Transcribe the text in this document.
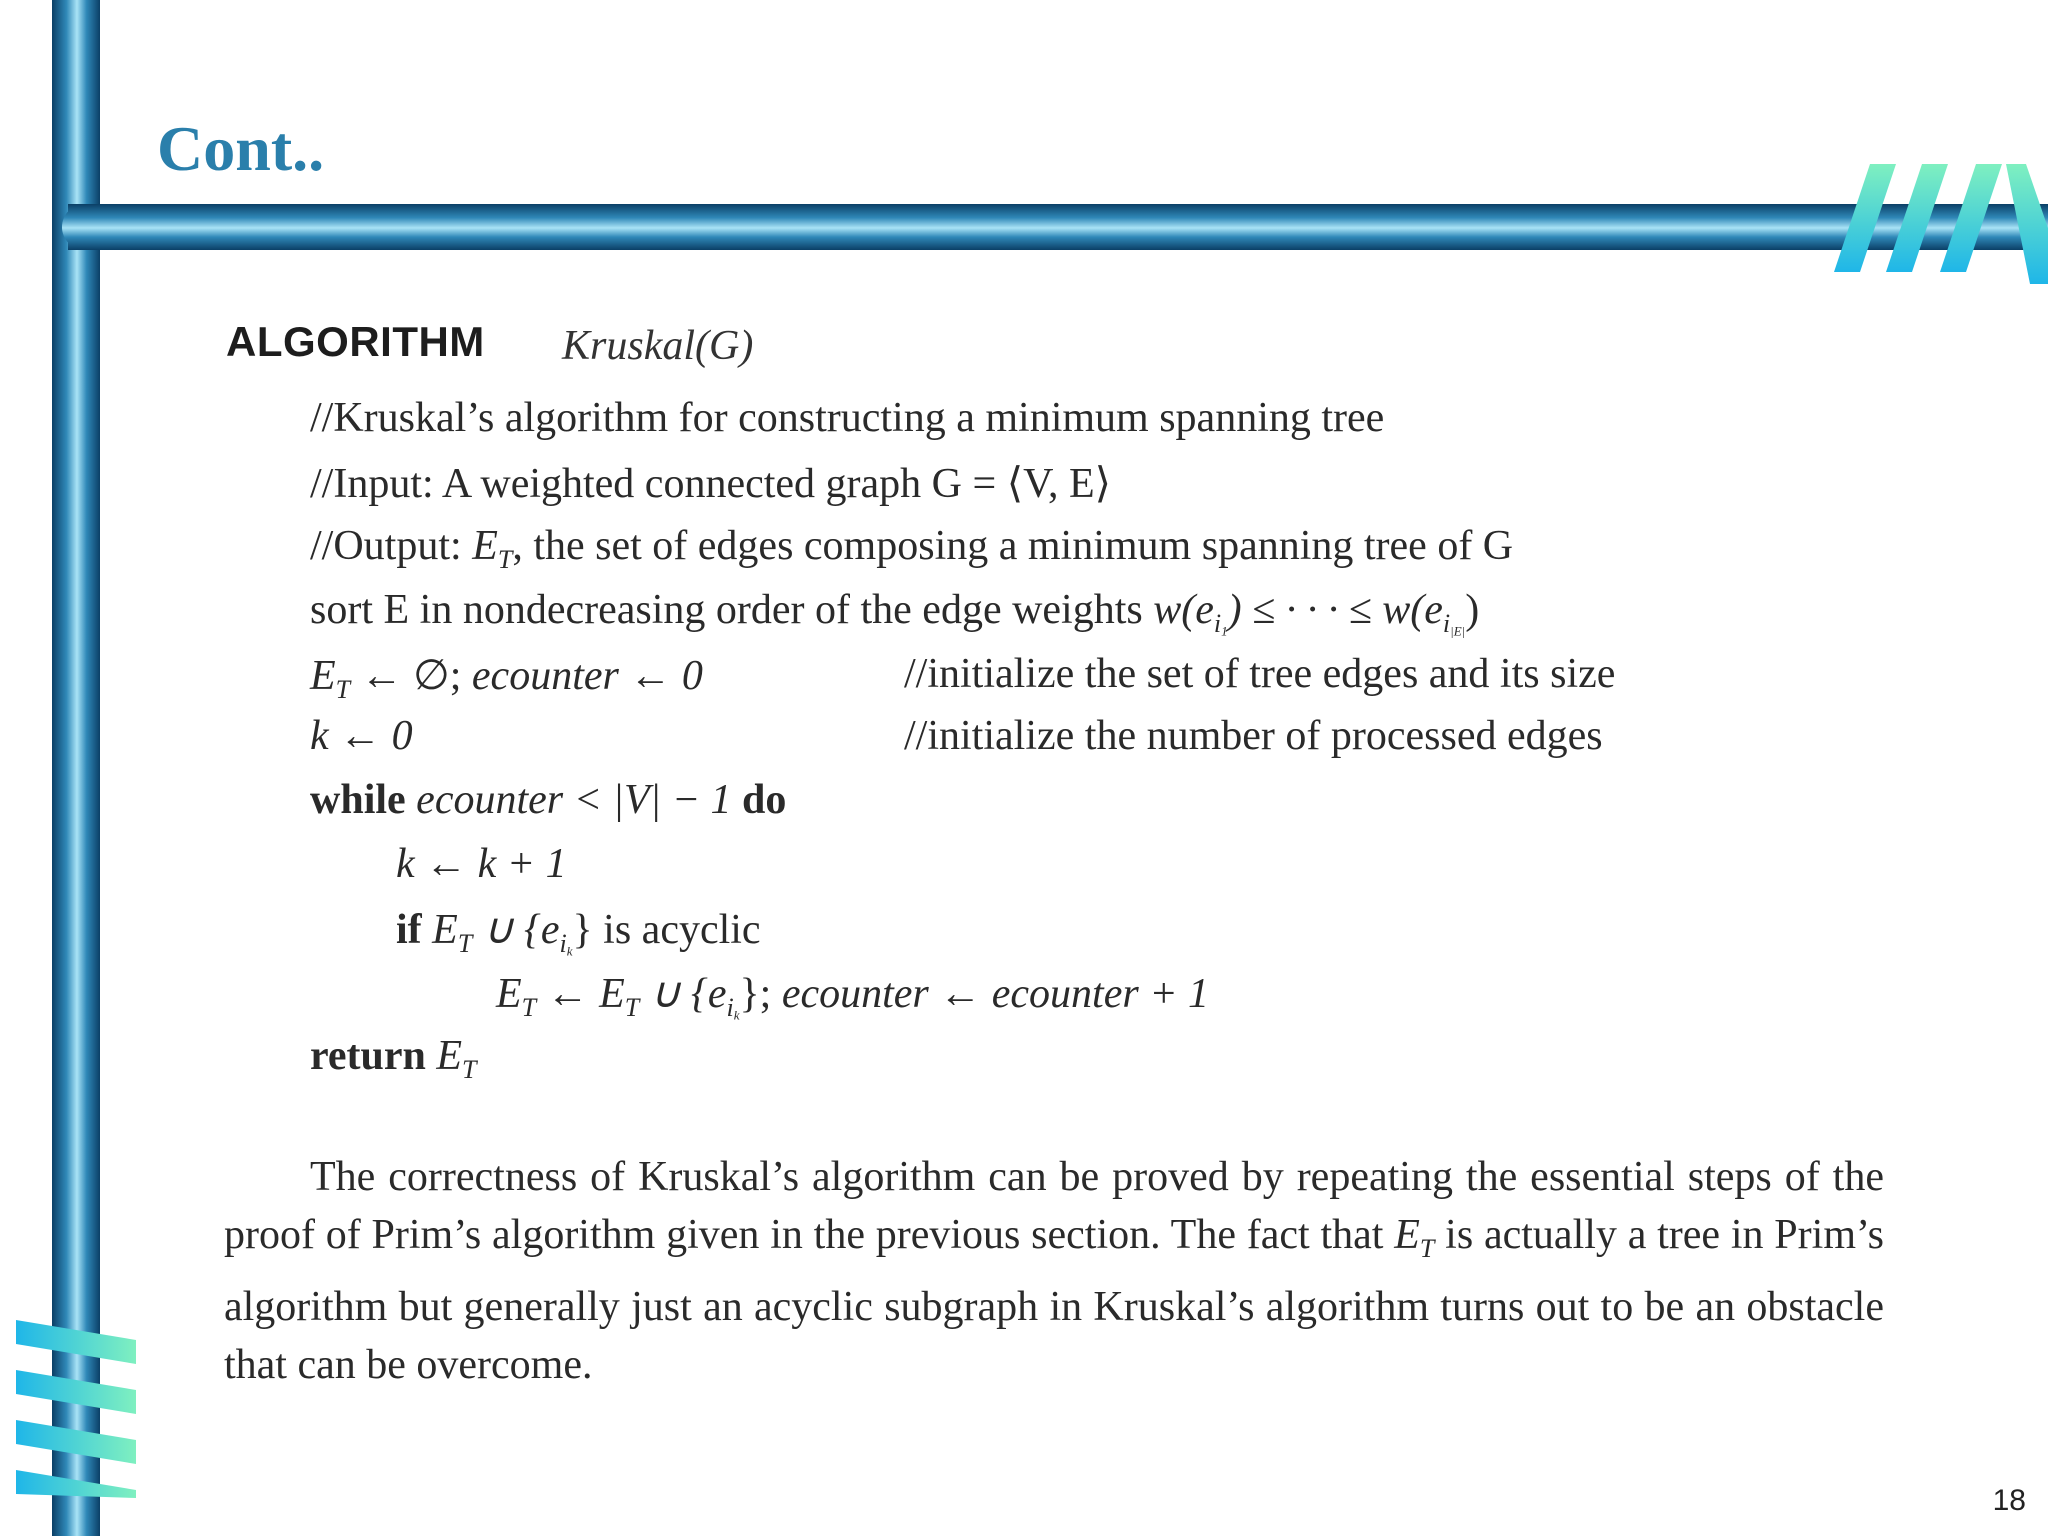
Cont..
ALGORITHM Kruskal(G)
//Kruskal’s algorithm for constructing a minimum spanning tree
//Input: A weighted connected graph G = ⟨V, E⟩
//Output: $E_T$, the set of edges composing a minimum spanning tree of G
sort E in nondecreasing order of the edge weights $w(e_{i1})$ ≤ · · · ≤ $w(e_{i|E|})$
$E_T$ ← ∅; ecounter ← 0	//initialize the set of tree edges and its size
k ← 0	//initialize the number of processed edges
while ecounter < |V| − 1 do
k ← k + 1
if $E_T$ ∪ $\{e_{ik}\}$ is acyclic
$E_T$ ← $E_T$ ∪ $\{e_{ik}\}$; ecounter ← ecounter + 1
return $E_T$

The correctness of Kruskal’s algorithm can be proved by repeating the essential steps of the proof of Prim’s algorithm given in the previous section. The fact that $E_T$ is actually a tree in Prim’s algorithm but generally just an acyclic subgraph in Kruskal’s algorithm turns out to be an obstacle that can be overcome.

18
